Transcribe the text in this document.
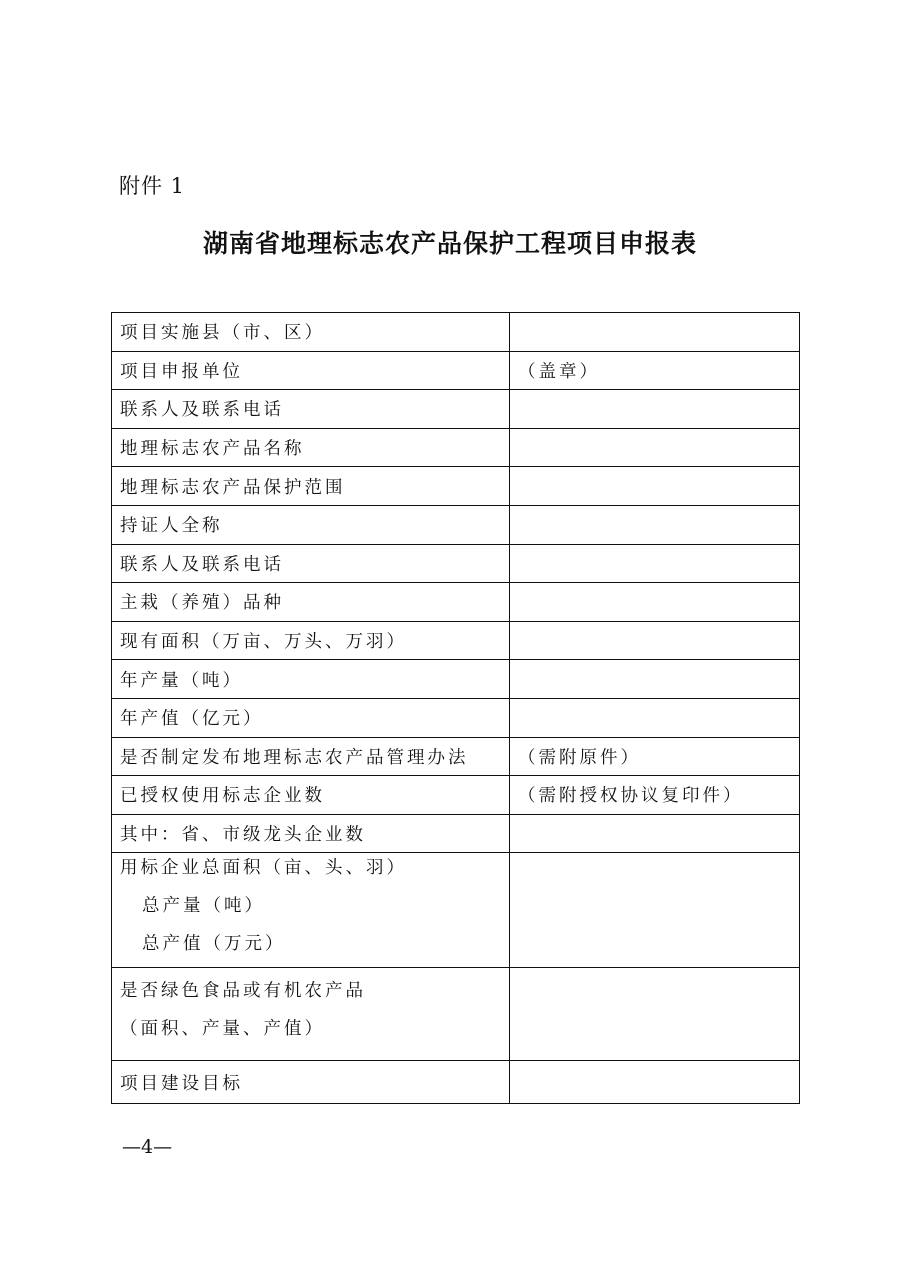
附件 1
湖南省地理标志农产品保护工程项目申报表
项目实施县（市、区）	
项目申报单位	（盖章）
联系人及联系电话	
地理标志农产品名称	
地理标志农产品保护范围	
持证人全称	
联系人及联系电话	
主栽（养殖）品种	
现有面积（万亩、万头、万羽）	
年产量（吨）	
年产值（亿元）	
是否制定发布地理标志农产品管理办法	（需附原件）
已授权使用标志企业数	（需附授权协议复印件）
其中：省、市级龙头企业数	

用标企业总面积（亩、头、羽）
总产量（吨）
总产值（万元）	

是否绿色食品或有机农产品
（面积、产量、产值）	

项目建设目标	
—4—
